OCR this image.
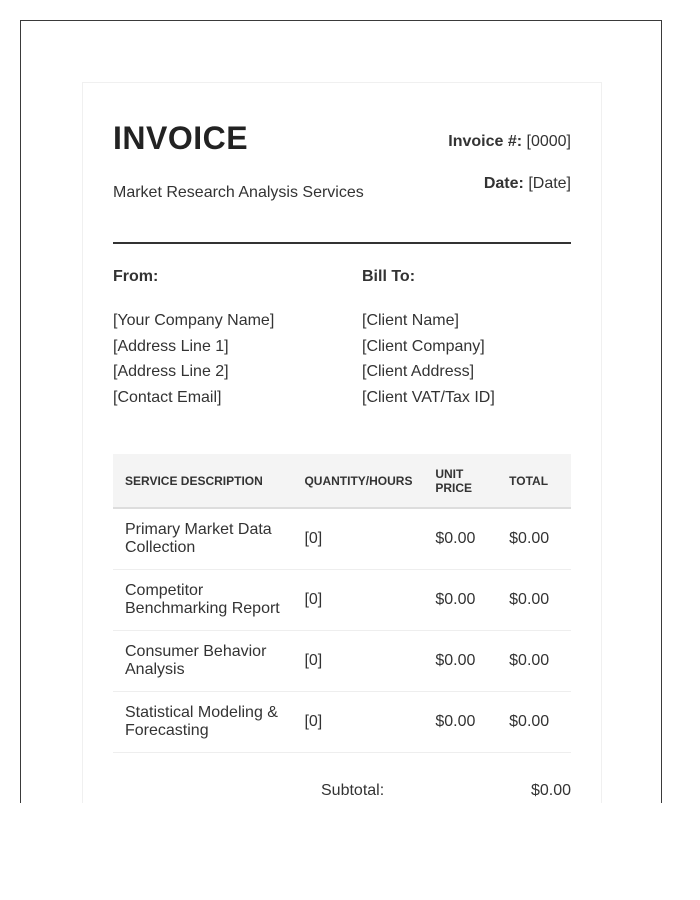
INVOICE
Market Research Analysis Services
Invoice #: [0000]
Date: [Date]
From:
[Your Company Name]
[Address Line 1]
[Address Line 2]
[Contact Email]
Bill To:
[Client Name]
[Client Company]
[Client Address]
[Client VAT/Tax ID]
SERVICE DESCRIPTION	QUANTITY/HOURS	UNIT PRICE	TOTAL
Primary Market Data Collection	[0]	$0.00	$0.00
Competitor Benchmarking Report	[0]	$0.00	$0.00
Consumer Behavior Analysis	[0]	$0.00	$0.00
Statistical Modeling & Forecasting	[0]	$0.00	$0.00
Subtotal:	$0.00
